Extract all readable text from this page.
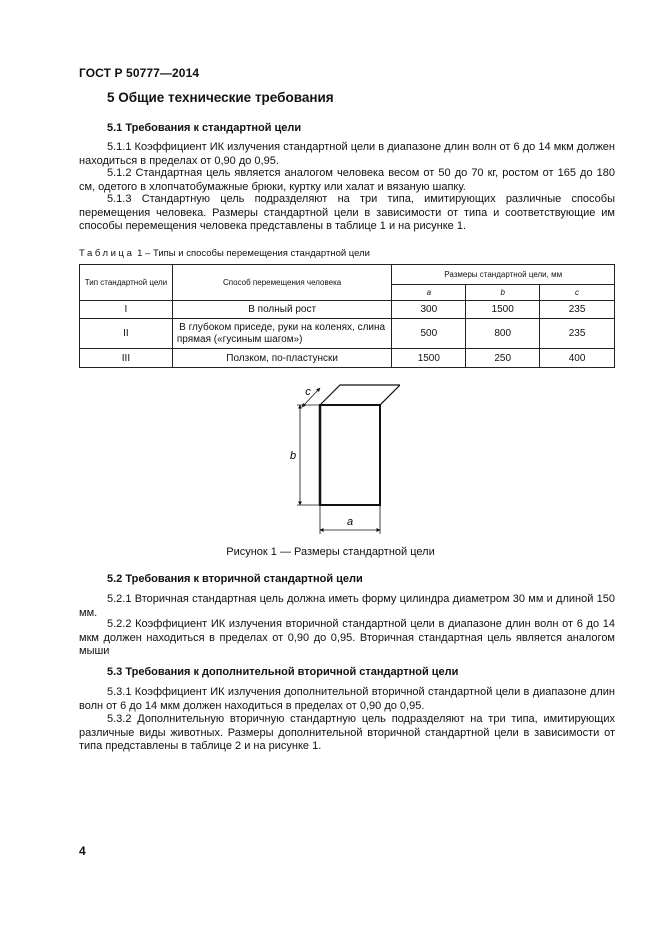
ГОСТ Р 50777—2014
5 Общие технические требования
5.1 Требования к стандартной цели
5.1.1 Коэффициент ИК излучения стандартной цели в диапазоне длин волн от 6 до 14 мкм должен находиться в пределах от 0,90 до 0,95.
5.1.2 Стандартная цель является аналогом человека весом от 50 до 70 кг, ростом от 165 до 180 см, одетого в хлопчатобумажные брюки, куртку или халат и вязаную шапку.
5.1.3 Стандартную цель подразделяют на три типа, имитирующих различные способы перемещения человека. Размеры стандартной цели в зависимости от типа и соответствующие им способы перемещения человека представлены в таблице 1 и на рисунке 1.
Таблица 1 – Типы и способы перемещения стандартной цели
Тип стандартной цели	Способ перемещения человека	Размеры стандартной цели, мм		
		a	b	c
I	В полный рост	300	1500	235
II	В глубоком приседе, руки на коленях, слина прямая («гусиным шагом»)	500	800	235
III	Ползком, по-пластунски	1500	250	400
a
b
c
Рисунок 1 — Размеры стандартной цели
5.2 Требования к вторичной стандартной цели
5.2.1 Вторичная стандартная цель должна иметь форму цилиндра диаметром 30 мм и длиной 150 мм.
5.2.2 Коэффициент ИК излучения вторичной стандартной цели в диапазоне длин волн от 6 до 14 мкм должен находиться в пределах от 0,90 до 0,95. Вторичная стандартная цель является аналогом мыши
5.3 Требования к дополнительной вторичной стандартной цели
5.3.1 Коэффициент ИК излучения дополнительной вторичной стандартной цели в диапазоне длин волн от 6 до 14 мкм должен находиться в пределах от 0,90 до 0,95.
5.3.2 Дополнительную вторичную стандартную цель подразделяют на три типа, имитирующих различные виды животных. Размеры дополнительной вторичной стандартной цели в зависимости от типа представлены в таблице 2 и на рисунке 1.
4
